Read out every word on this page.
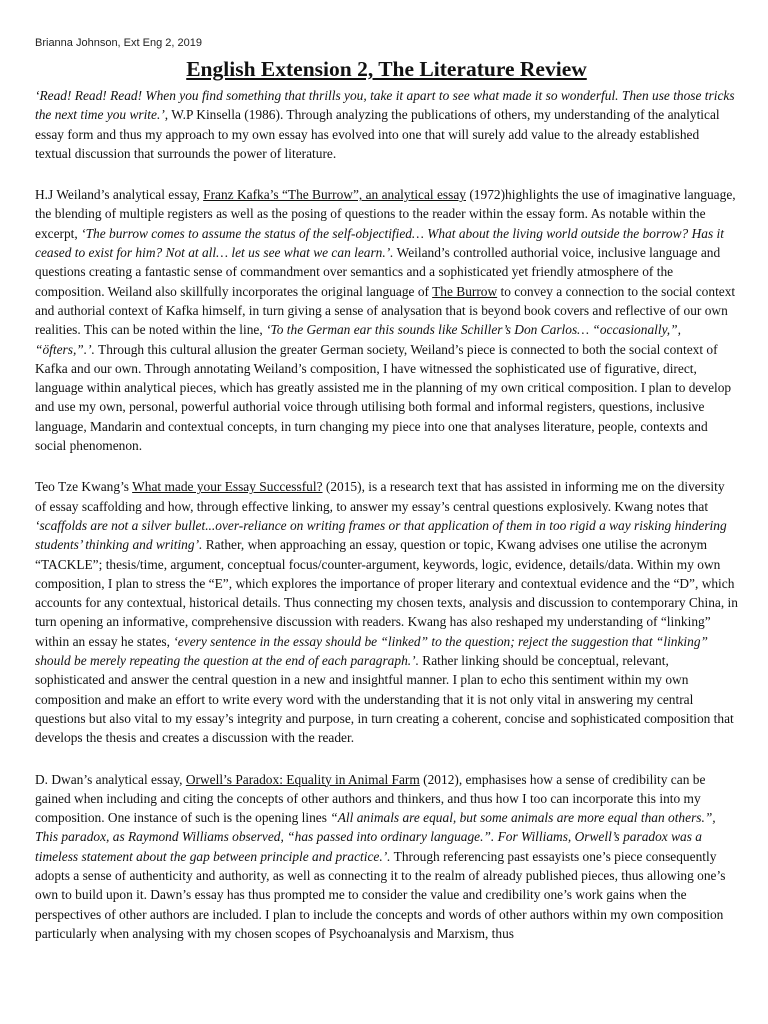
Brianna Johnson, Ext Eng 2, 2019
English Extension 2, The Literature Review

‘Read! Read! Read! When you find something that thrills you, take it apart to see what made it so wonderful. Then use those tricks the next time you write.’, W.P Kinsella (1986). Through analyzing the publications of others, my understanding of the analytical essay form and thus my approach to my own essay has evolved into one that will surely add value to the already established textual discussion that surrounds the power of literature.

H.J Weiland’s analytical essay, Franz Kafka’s “The Burrow”, an analytical essay (1972)highlights the use of imaginative language, the blending of multiple registers as well as the posing of questions to the reader within the essay form. As notable within the excerpt, ‘The burrow comes to assume the status of the self-objectified… What about the living world outside the borrow? Has it ceased to exist for him? Not at all… let us see what we can learn.’. Weiland’s controlled authorial voice, inclusive language and questions creating a fantastic sense of commandment over semantics and a sophisticated yet friendly atmosphere of the composition. Weiland also skillfully incorporates the original language of The Burrow to convey a connection to the social context and authorial context of Kafka himself, in turn giving a sense of analysation that is beyond book covers and reflective of our own realities. This can be noted within the line, ‘To the German ear this sounds like Schiller’s Don Carlos… “occasionally,”, “öfters,”.’. Through this cultural allusion the greater German society, Weiland’s piece is connected to both the social context of Kafka and our own. Through annotating Weiland’s composition, I have witnessed the sophisticated use of figurative, direct, language within analytical pieces, which has greatly assisted me in the planning of my own critical composition. I plan to develop and use my own, personal, powerful authorial voice through utilising both formal and informal registers, questions, inclusive language, Mandarin and contextual concepts, in turn changing my piece into one that analyses literature, people, contexts and social phenomenon.

Teo Tze Kwang’s What made your Essay Successful? (2015), is a research text that has assisted in informing me on the diversity of essay scaffolding and how, through effective linking, to answer my essay’s central questions explosively. Kwang notes that ‘scaffolds are not a silver bullet...over-reliance on writing frames or that application of them in too rigid a way risking hindering students’ thinking and writing’. Rather, when approaching an essay, question or topic, Kwang advises one utilise the acronym “TACKLE”; thesis/time, argument, conceptual focus/counter-argument, keywords, logic, evidence, details/data. Within my own composition, I plan to stress the “E”, which explores the importance of proper literary and contextual evidence and the “D”, which accounts for any contextual, historical details. Thus connecting my chosen texts, analysis and discussion to contemporary China, in turn opening an informative, comprehensive discussion with readers. Kwang has also reshaped my understanding of “linking” within an essay he states, ‘every sentence in the essay should be “linked” to the question; reject the suggestion that “linking” should be merely repeating the question at the end of each paragraph.’. Rather linking should be conceptual, relevant, sophisticated and answer the central question in a new and insightful manner. I plan to echo this sentiment within my own composition and make an effort to write every word with the understanding that it is not only vital in answering my central questions but also vital to my essay’s integrity and purpose, in turn creating a coherent, concise and sophisticated composition that develops the thesis and creates a discussion with the reader.

D. Dwan’s analytical essay, Orwell’s Paradox: Equality in Animal Farm (2012), emphasises how a sense of credibility can be gained when including and citing the concepts of other authors and thinkers, and thus how I too can incorporate this into my composition. One instance of such is the opening lines “All animals are equal, but some animals are more equal than others.”, This paradox, as Raymond Williams observed, “has passed into ordinary language.”. For Williams, Orwell’s paradox was a timeless statement about the gap between principle and practice.’. Through referencing past essayists one’s piece consequently adopts a sense of authenticity and authority, as well as connecting it to the realm of already published pieces, thus allowing one’s own to build upon it. Dawn’s essay has thus prompted me to consider the value and credibility one’s work gains when the perspectives of other authors are included. I plan to include the concepts and words of other authors within my own composition particularly when analysing with my chosen scopes of Psychoanalysis and Marxism, thus
